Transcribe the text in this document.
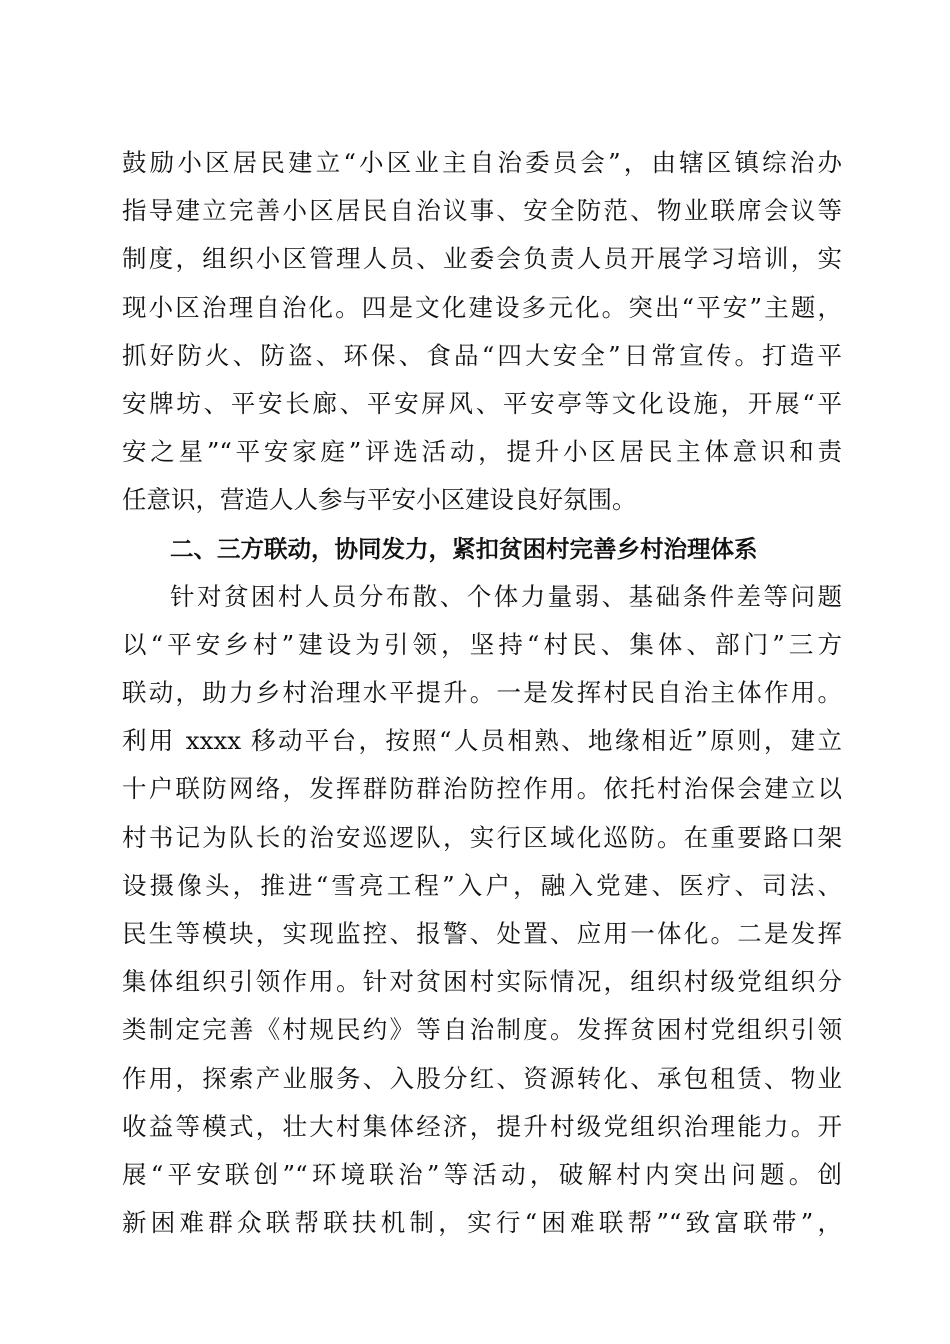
鼓励小区居民建立“小区业主自治委员会”，由辖区镇综治办
指导建立完善小区居民自治议事、安全防范、物业联席会议等
制度，组织小区管理人员、业委会负责人员开展学习培训，实
现小区治理自治化。四是文化建设多元化。突出“平安”主题，
抓好防火、防盗、环保、食品“四大安全”日常宣传。打造平
安牌坊、平安长廊、平安屏风、平安亭等文化设施，开展“平
安之星”“平安家庭”评选活动，提升小区居民主体意识和责
任意识，营造人人参与平安小区建设良好氛围。
二、三方联动，协同发力，紧扣贫困村完善乡村治理体系
针对贫困村人员分布散、个体力量弱、基础条件差等问题
以“平安乡村”建设为引领，坚持“村民、集体、部门”三方
联动，助力乡村治理水平提升。一是发挥村民自治主体作用。
利用 xxxx 移动平台，按照“人员相熟、地缘相近”原则，建立
十户联防网络，发挥群防群治防控作用。依托村治保会建立以
村书记为队长的治安巡逻队，实行区域化巡防。在重要路口架
设摄像头，推进“雪亮工程”入户，融入党建、医疗、司法、
民生等模块，实现监控、报警、处置、应用一体化。二是发挥
集体组织引领作用。针对贫困村实际情况，组织村级党组织分
类制定完善《村规民约》等自治制度。发挥贫困村党组织引领
作用，探索产业服务、入股分红、资源转化、承包租赁、物业
收益等模式，壮大村集体经济，提升村级党组织治理能力。开
展“平安联创”“环境联治”等活动，破解村内突出问题。创
新困难群众联帮联扶机制，实行“困难联帮”“致富联带”，
